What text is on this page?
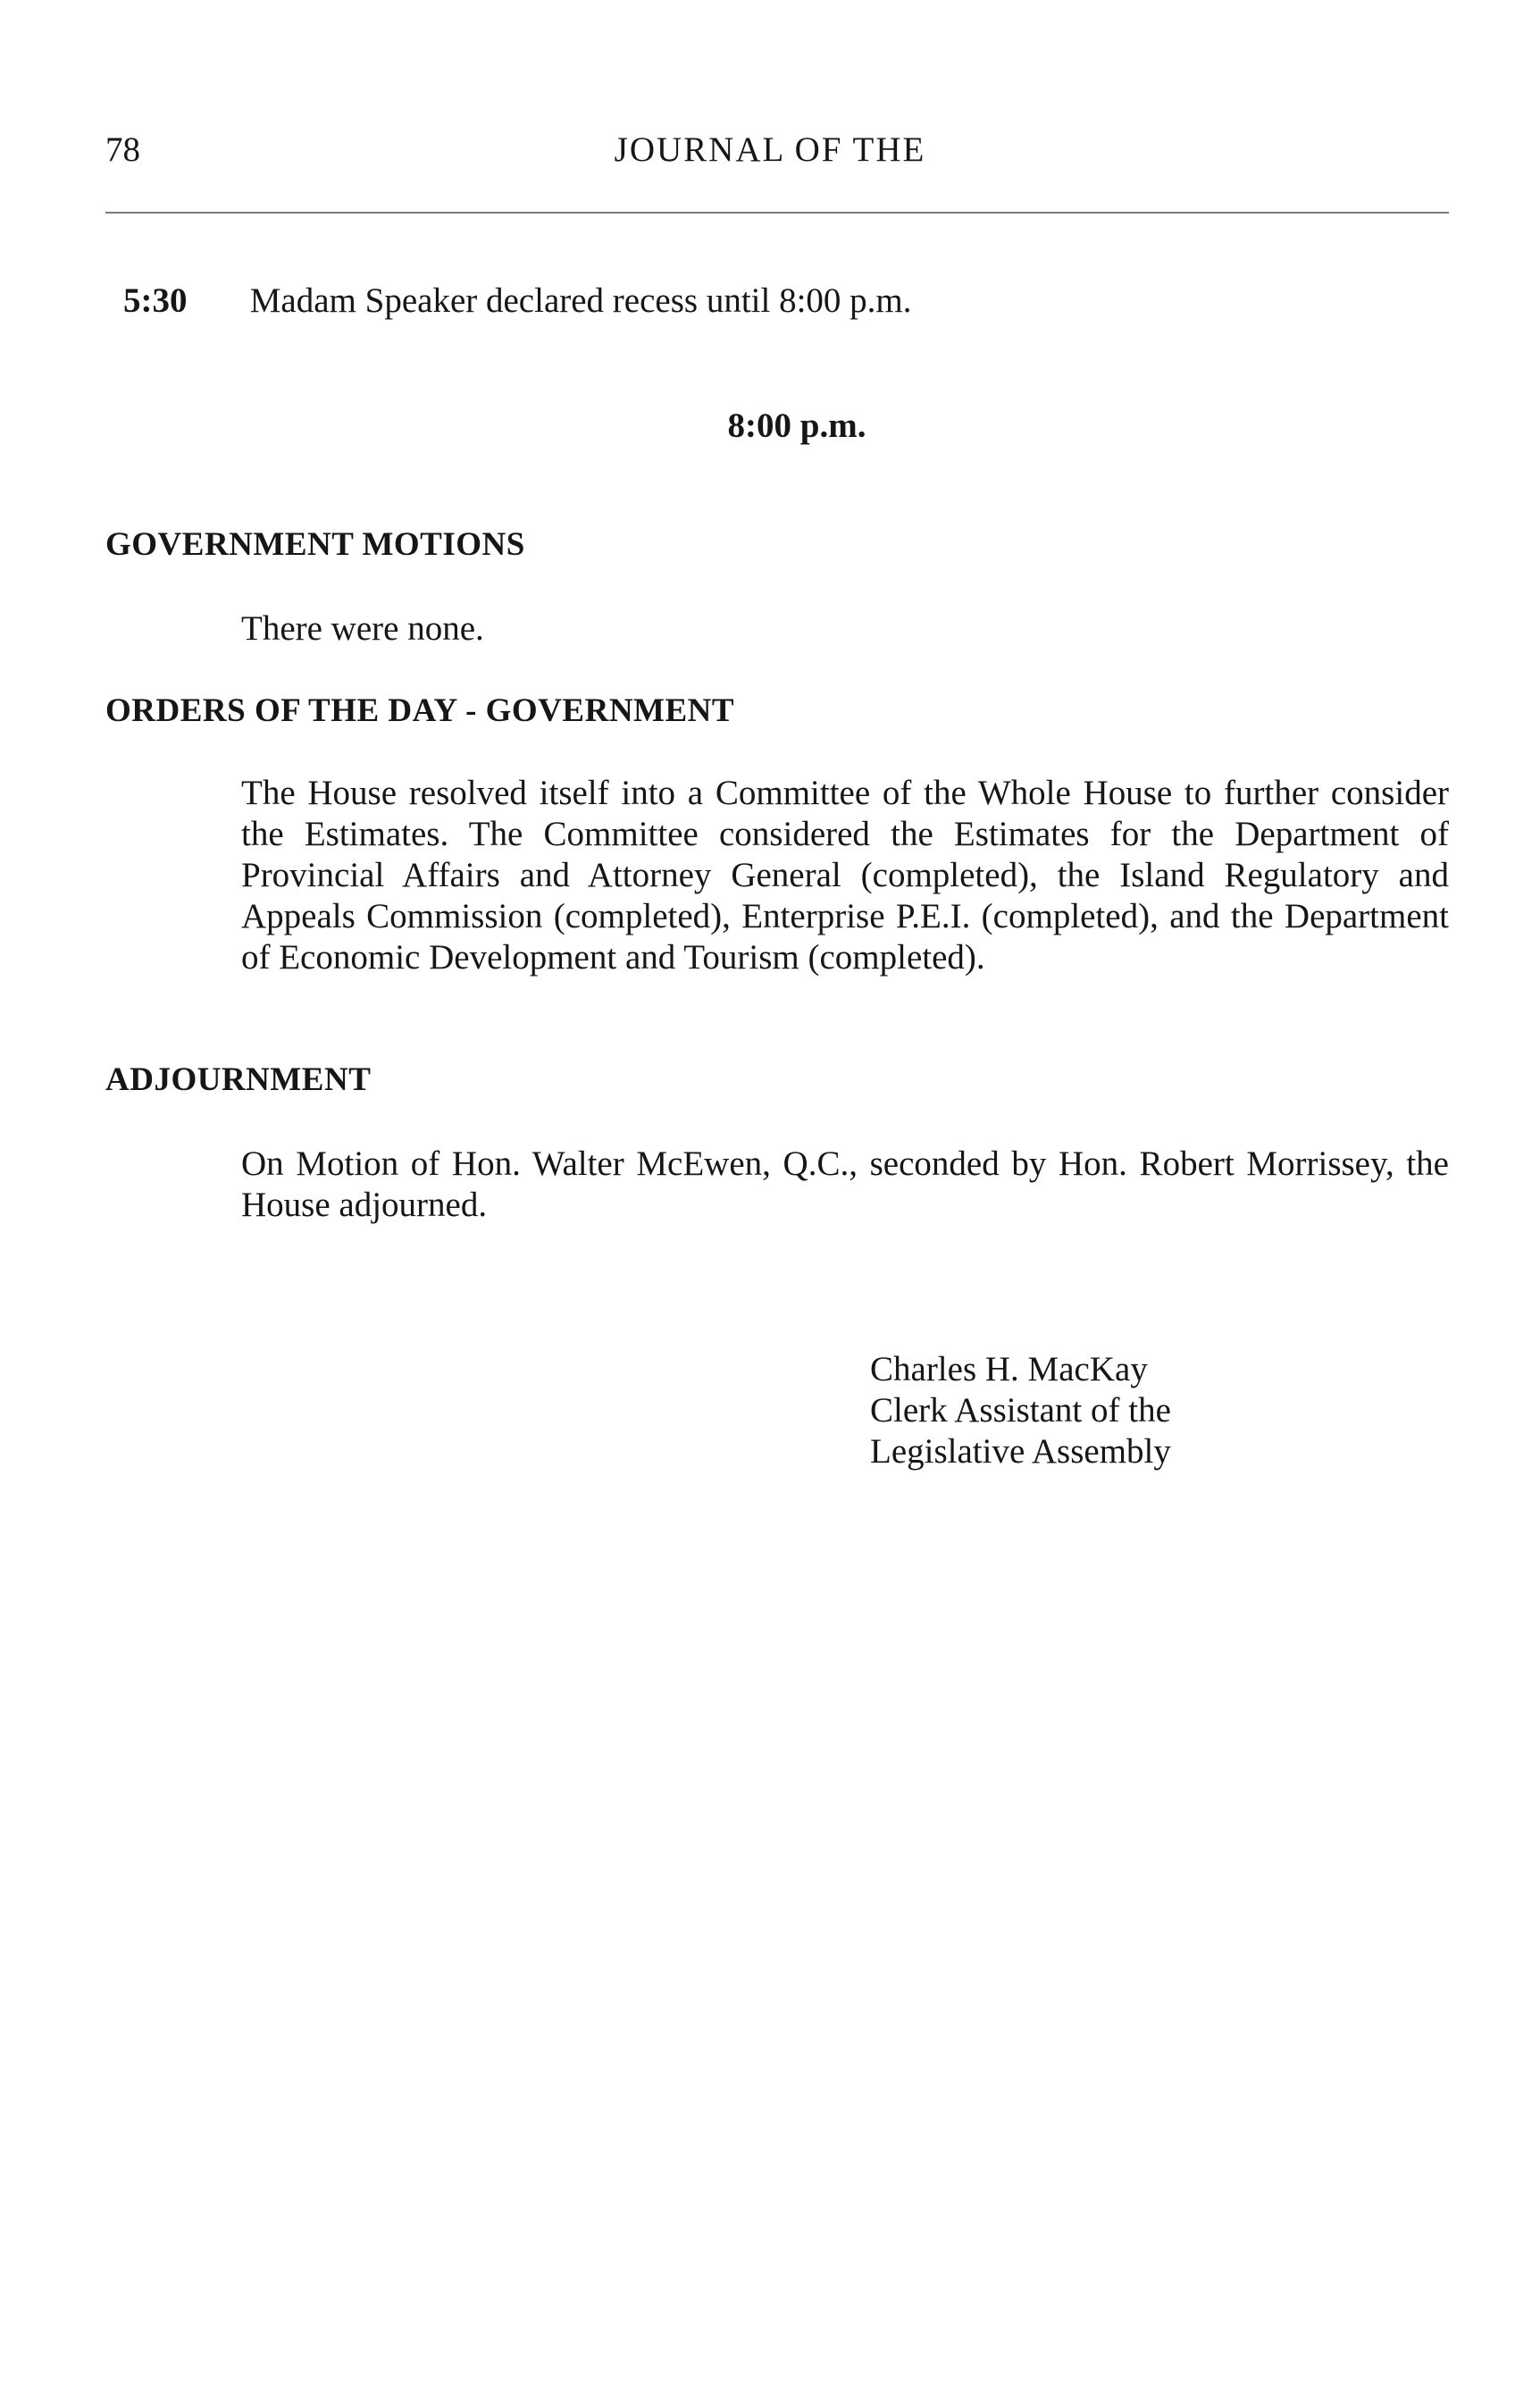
78	JOURNAL OF THE
5:30 Madam Speaker declared recess until 8:00 p.m.
8:00 p.m.
GOVERNMENT MOTIONS
There were none.
ORDERS OF THE DAY - GOVERNMENT
The House resolved itself into a Committee of the Whole House to further consider the Estimates. The Committee considered the Estimates for the Department of Provincial Affairs and Attorney General (completed), the Island Regulatory and Appeals Commission (completed), Enterprise P.E.I. (completed), and the Department of Economic Development and Tourism (completed).
ADJOURNMENT
On Motion of Hon. Walter McEwen, Q.C., seconded by Hon. Robert Morrissey, the House adjourned.
Charles H. MacKay
Clerk Assistant of the
Legislative Assembly
